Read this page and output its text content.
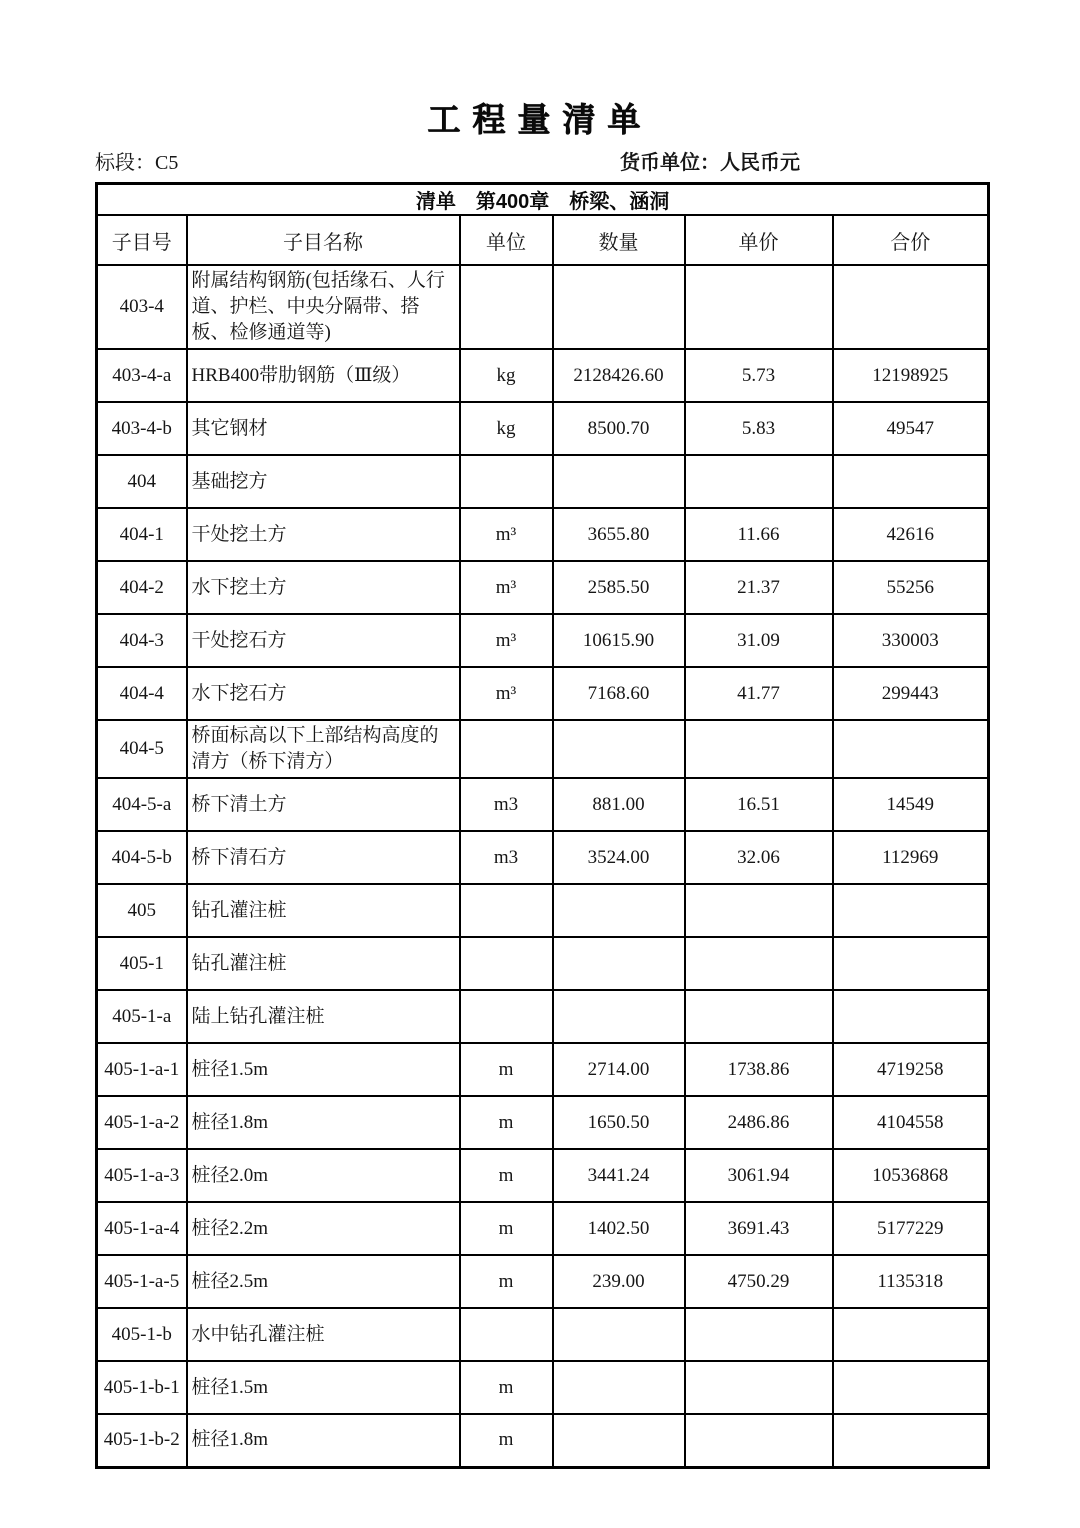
工程量清单
标段：C5	货币单位：人民币元
清单　第400章　桥梁、涵洞					
子目号	子目名称	单位	数量	单价	合价
403-4	附属结构钢筋(包括缘石、人行道、护栏、中央分隔带、搭板、检修通道等)				
403-4-a	HRB400带肋钢筋（Ⅲ级）	kg	2128426.60	5.73	12198925
403-4-b	其它钢材	kg	8500.70	5.83	49547
404	基础挖方				
404-1	干处挖土方	m³	3655.80	11.66	42616
404-2	水下挖土方	m³	2585.50	21.37	55256
404-3	干处挖石方	m³	10615.90	31.09	330003
404-4	水下挖石方	m³	7168.60	41.77	299443
404-5	桥面标高以下上部结构高度的清方（桥下清方）				
404-5-a	桥下清土方	m3	881.00	16.51	14549
404-5-b	桥下清石方	m3	3524.00	32.06	112969
405	钻孔灌注桩				
405-1	钻孔灌注桩				
405-1-a	陆上钻孔灌注桩				
405-1-a-1	桩径1.5m	m	2714.00	1738.86	4719258
405-1-a-2	桩径1.8m	m	1650.50	2486.86	4104558
405-1-a-3	桩径2.0m	m	3441.24	3061.94	10536868
405-1-a-4	桩径2.2m	m	1402.50	3691.43	5177229
405-1-a-5	桩径2.5m	m	239.00	4750.29	1135318
405-1-b	水中钻孔灌注桩				
405-1-b-1	桩径1.5m	m			
405-1-b-2	桩径1.8m	m			
